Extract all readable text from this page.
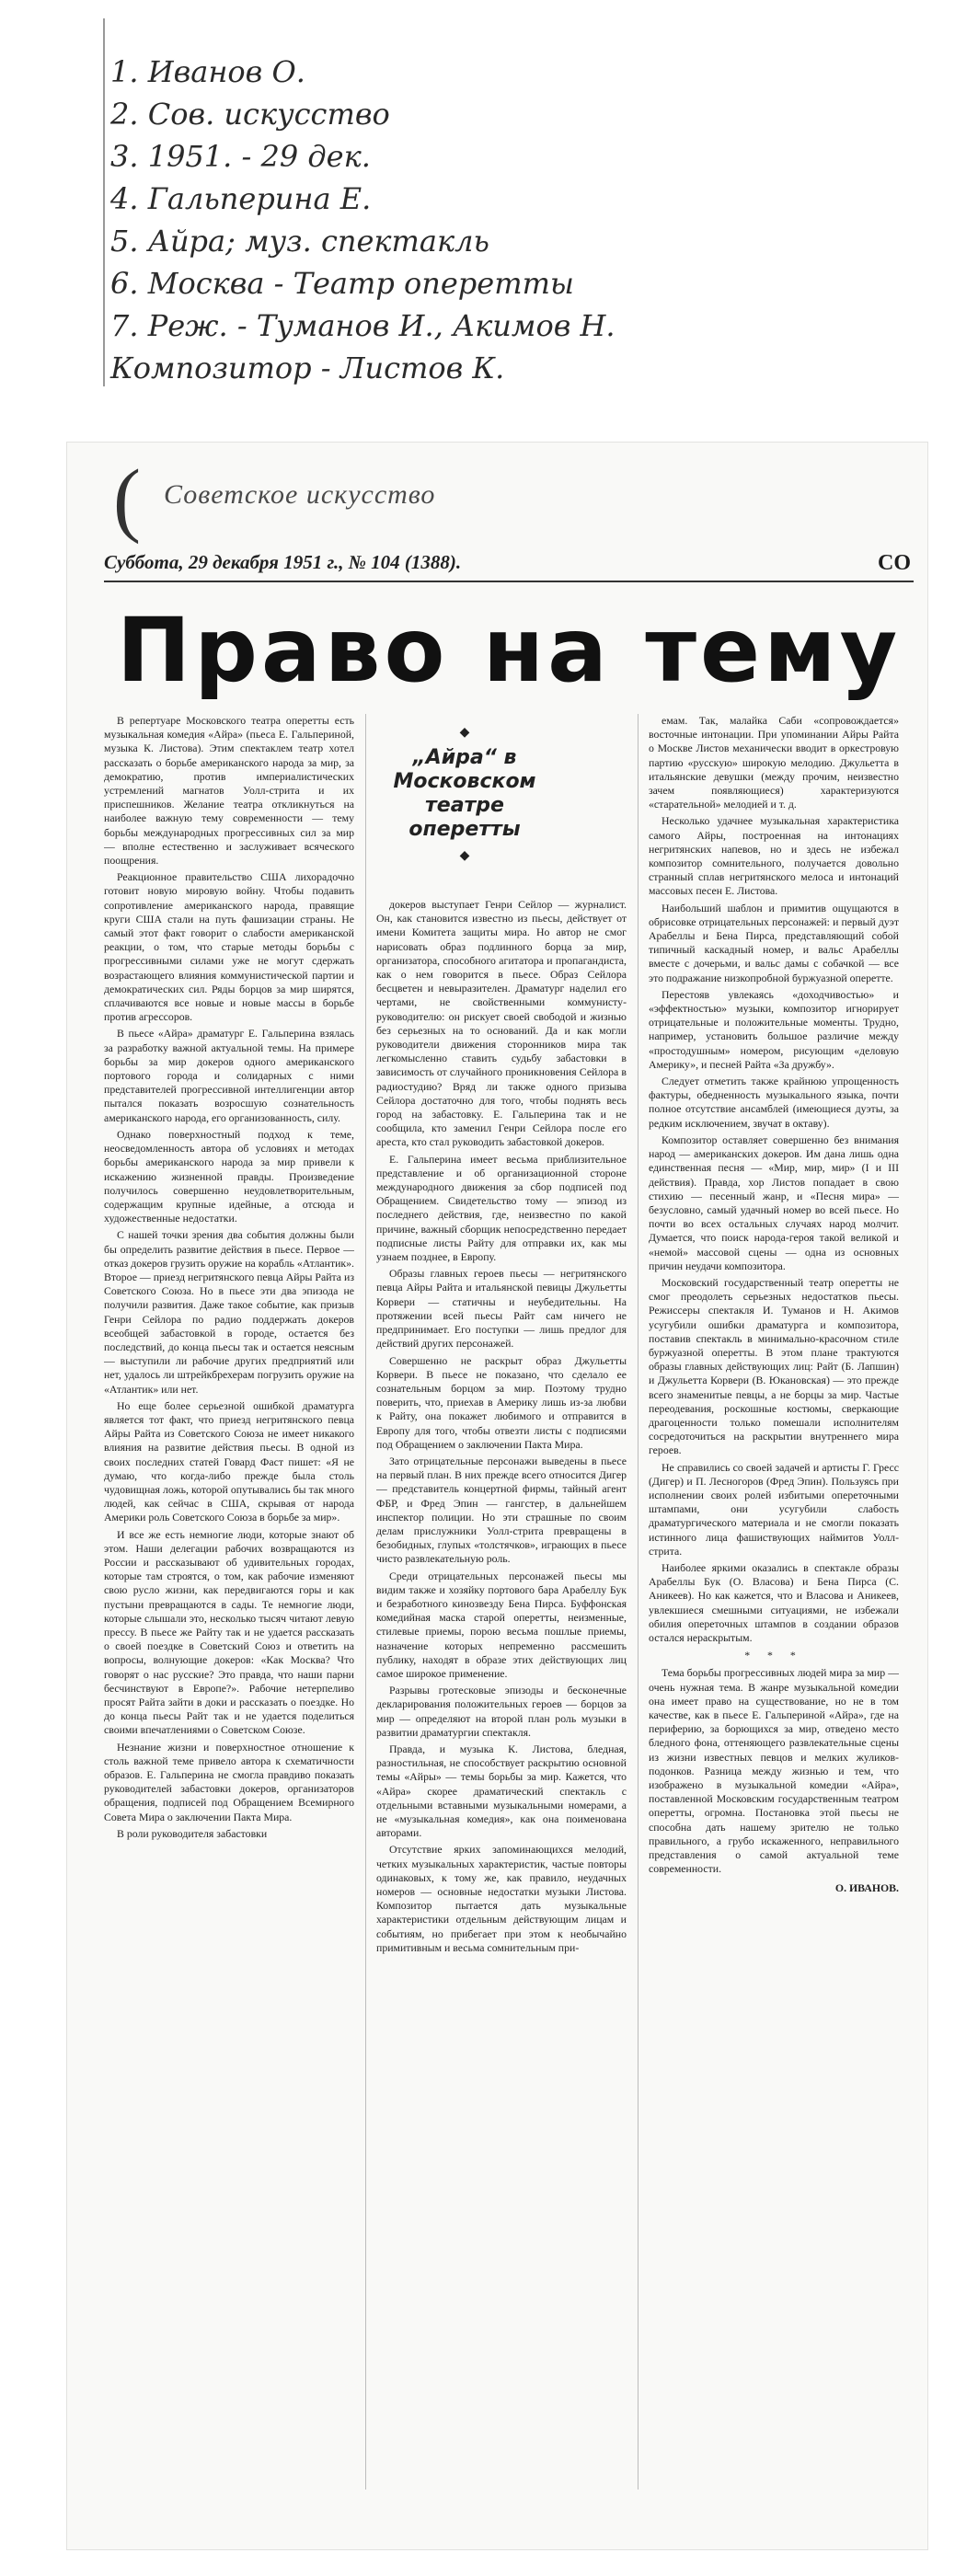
1. Иванов О.
2. Сов. искусство
3. 1951. - 29 дек.
4. Гальперина Е.
5. Айра; муз. спектакль
6. Москва - Театр оперетты
7. Реж. - Туманов И., Акимов Н.
Композитор - Листов К.
( Советское искусство
Суббота, 29 декабря 1951 г., № 104 (1388).	СО
Право на тему
◆
„Айра“ в Московском
театре оперетты
◆

В репертуаре Московского театра оперетты есть музыкальная комедия «Айра» (пьеса Е. Гальпериной, музыка К. Листова). Этим спектаклем театр хотел рассказать о борьбе американского народа за мир, за демократию, против империалистических устремлений магнатов Уолл-стрита и их приспешников. Желание театра откликнуться на наиболее важную тему современности — тему борьбы международных прогрессивных сил за мир — вполне естественно и заслуживает всяческого поощрения.

Реакционное правительство США лихорадочно готовит новую мировую войну. Чтобы подавить сопротивление американского народа, правящие круги США стали на путь фашизации страны. Не самый этот факт говорит о слабости американской реакции, о том, что старые методы борьбы с прогрессивными силами уже не могут сдержать возрастающего влияния коммунистической партии и демократических сил. Ряды борцов за мир ширятся, сплачиваются все новые и новые массы в борьбе против агрессоров.

В пьесе «Айра» драматург Е. Гальперина взялась за разработку важной актуальной темы. На примере борьбы за мир докеров одного американского портового города и солидарных с ними представителей прогрессивной интеллигенции автор пытался показать возросшую сознательность американского народа, его организованность, силу.

Однако поверхностный подход к теме, неосведомленность автора об условиях и методах борьбы американского народа за мир привели к искажению жизненной правды. Произведение получилось совершенно неудовлетворительным, содержащим крупные идейные, а отсюда и художественные недостатки.

С нашей точки зрения два события должны были бы определить развитие действия в пьесе. Первое — отказ докеров грузить оружие на корабль «Атлантик». Второе — приезд негритянского певца Айры Райта из Советского Союза. Но в пьесе эти два эпизода не получили развития. Даже такое событие, как призыв Генри Сейлора по радио поддержать докеров всеобщей забастовкой в городе, остается без последствий, до конца пьесы так и остается неясным — выступили ли рабочие других предприятий или нет, удалось ли штрейкбрехерам погрузить оружие на «Атлантик» или нет.

Но еще более серьезной ошибкой драматурга является тот факт, что приезд негритянского певца Айры Райта из Советского Союза не имеет никакого влияния на развитие действия пьесы. В одной из своих последних статей Говард Фаст пишет: «Я не думаю, что когда-либо прежде была столь чудовищная ложь, которой опутывались бы так много людей, как сейчас в США, скрывая от народа Америки роль Советского Союза в борьбе за мир».

И все же есть немногие люди, которые знают об этом. Наши делегации рабочих возвращаются из России и рассказывают об удивительных городах, которые там строятся, о том, как рабочие изменяют свою русло жизни, как передвигаются горы и как пустыни превращаются в сады. Те немногие люди, которые слышали это, несколько тысяч читают левую прессу. В пьесе же Райту так и не удается рассказать о своей поездке в Советский Союз и ответить на вопросы, волнующие докеров: «Как Москва? Что говорят о нас русские? Это правда, что наши парни бесчинствуют в Европе?». Рабочие нетерпеливо просят Райта зайти в доки и рассказать о поездке. Но до конца пьесы Райт так и не удается поделиться своими впечатлениями о Советском Союзе.

Незнание жизни и поверхностное отношение к столь важной теме привело автора к схематичности образов. Е. Гальперина не смогла правдиво показать руководителей забастовки докеров, организаторов обращения, подписей под Обращением Всемирного Совета Мира о заключении Пакта Мира.

В роли руководителя забастовки

докеров выступает Генри Сейлор — журналист. Он, как становится известно из пьесы, действует от имени Комитета защиты мира. Но автор не смог нарисовать образ подлинного борца за мир, организатора, способного агитатора и пропагандиста, как о нем говорится в пьесе. Образ Сейлора бесцветен и невыразителен. Драматург наделил его чертами, не свойственными коммунисту-руководителю: он рискует своей свободой и жизнью без серьезных на то оснований. Да и как могли руководители движения сторонников мира так легкомысленно ставить судьбу забастовки в зависимость от случайного проникновения Сейлора в радиостудию? Вряд ли также одного призыва Сейлора достаточно для того, чтобы поднять весь город на забастовку. Е. Гальперина так и не сообщила, кто заменил Генри Сейлора после его ареста, кто стал руководить забастовкой докеров.

Е. Гальперина имеет весьма приблизительное представление и об организационной стороне международного движения за сбор подписей под Обращением. Свидетельство тому — эпизод из последнего действия, где, неизвестно по какой причине, важный сборщик непосредственно передает подписные листы Райту для отправки их, как мы узнаем позднее, в Европу.

Образы главных героев пьесы — негритянского певца Айры Райта и итальянской певицы Джульетты Корвери — статичны и неубедительны. На протяжении всей пьесы Райт сам ничего не предпринимает. Его поступки — лишь предлог для действий других персонажей.

Совершенно не раскрыт образ Джульетты Корвери. В пьесе не показано, что сделало ее сознательным борцом за мир. Поэтому трудно поверить, что, приехав в Америку лишь из-за любви к Райту, она покажет любимого и отправится в Европу для того, чтобы отвезти листы с подписями под Обращением о заключении Пакта Мира.

Зато отрицательные персонажи выведены в пьесе на первый план. В них прежде всего относится Дигер — представитель концертной фирмы, тайный агент ФБР, и Фред Эпин — гангстер, в дальнейшем инспектор полиции. Но эти страшные по своим делам прислужники Уолл-стрита превращены в безобидных, глупых «толстячков», играющих в пьесе чисто развлекательную роль.

Среди отрицательных персонажей пьесы мы видим также и хозяйку портового бара Арабеллу Бук и безработного кинозвезду Бена Пирса. Буффонская комедийная маска старой оперетты, неизменные, стилевые приемы, порою весьма пошлые приемы, назначение которых непременно рассмешить публику, находят в образе этих действующих лиц самое широкое применение.

Разрывы гротесковые эпизоды и бесконечные декларирования положительных героев — борцов за мир — определяют на второй план роль музыки в развитии драматургии спектакля.

Правда, и музыка К. Листова, бледная, разностильная, не способствует раскрытию основной темы «Айры» — темы борьбы за мир. Кажется, что «Айра» скорее драматический спектакль с отдельными вставными музыкальными номерами, а не «музыкальная комедия», как она поименована авторами.

Отсутствие ярких запоминающихся мелодий, четких музыкальных характеристик, частые повторы одинаковых, к тому же, как правило, неудачных номеров — основные недостатки музыки Листова. Композитор пытается дать музыкальные характеристики отдельным действующим лицам и событиям, но прибегает при этом к необычайно примитивным и весьма сомнительным при-

емам. Так, малайка Саби «сопровождается» восточные интонации. При упоминании Айры Райта о Москве Листов механически вводит в оркестровую партию «русскую» широкую мелодию. Джульетта в итальянские девушки (между прочим, неизвестно зачем появляющиеся) характеризуются «старательной» мелодией и т. д.

Несколько удачнее музыкальная характеристика самого Айры, построенная на интонациях негритянских напевов, но и здесь не избежал композитор сомнительного, получается довольно странный сплав негритянского мелоса и интонаций массовых песен Е. Листова.

Наибольший шаблон и примитив ощущаются в обрисовке отрицательных персонажей: и первый дуэт Арабеллы и Бена Пирса, представляющий собой типичный каскадный номер, и вальс Арабеллы вместе с дочерьми, и вальс дамы с собачкой — все это подражание низкопробной буржуазной оперетте.

Перестояв увлекаясь «доходчивостью» и «эффектностью» музыки, композитор игнорирует отрицательные и положительные моменты. Трудно, например, установить большое различие между «простодушным» номером, рисующим «деловую Америку», и песней Райта «За дружбу».

Следует отметить также крайнюю упрощенность фактуры, обедненность музыкального языка, почти полное отсутствие ансамблей (имеющиеся дуэты, за редким исключением, звучат в октаву).

Композитор оставляет совершенно без внимания народ — американских докеров. Им дана лишь одна единственная песня — «Мир, мир, мир» (I и III действия). Правда, хор Листов попадает в свою стихию — песенный жанр, и «Песня мира» — безусловно, самый удачный номер во всей пьесе. Но почти во всех остальных случаях народ молчит. Думается, что поиск народа-героя такой великой и «немой» массовой сцены — одна из основных причин неудачи композитора.

Московский государственный театр оперетты не смог преодолеть серьезных недостатков пьесы. Режиссеры спектакля И. Туманов и Н. Акимов усугубили ошибки драматурга и композитора, поставив спектакль в минимально-красочном стиле буржуазной оперетты. В этом плане трактуются образы главных действующих лиц: Райт (Б. Лапшин) и Джульетта Корвери (В. Юкановская) — это прежде всего знаменитые певцы, а не борцы за мир. Частые переодевания, роскошные костюмы, сверкающие драгоценности только помешали исполнителям сосредоточиться на раскрытии внутреннего мира героев.

Не справились со своей задачей и артисты Г. Гресс (Дигер) и П. Лесногоров (Фред Эпин). Пользуясь при исполнении своих ролей избитыми опереточными штампами, они усугубили слабость драматургического материала и не смогли показать истинного лица фашиствующих наймитов Уолл-стрита.

Наиболее яркими оказались в спектакле образы Арабеллы Бук (О. Власова) и Бена Пирса (С. Аникеев). Но как кажется, что и Власова и Аникеев, увлекшиеся смешными ситуациями, не избежали обилия опереточных штампов в создании образов остался нераскрытым.

* * *

Тема борьбы прогрессивных людей мира за мир — очень нужная тема. В жанре музыкальной комедии она имеет право на существование, но не в том качестве, как в пьесе Е. Гальпериной «Айра», где на периферию, за борющихся за мир, отведено место бледного фона, оттеняющего развлекательные сцены из жизни известных певцов и мелких жуликов-подонков. Разница между жизнью и тем, что изображено в музыкальной комедии «Айра», поставленной Московским государственным театром оперетты, огромна. Постановка этой пьесы не способна дать нашему зрителю не только правильного, а грубо искаженного, неправильного представления о самой актуальной теме современности.

О. ИВАНОВ.
